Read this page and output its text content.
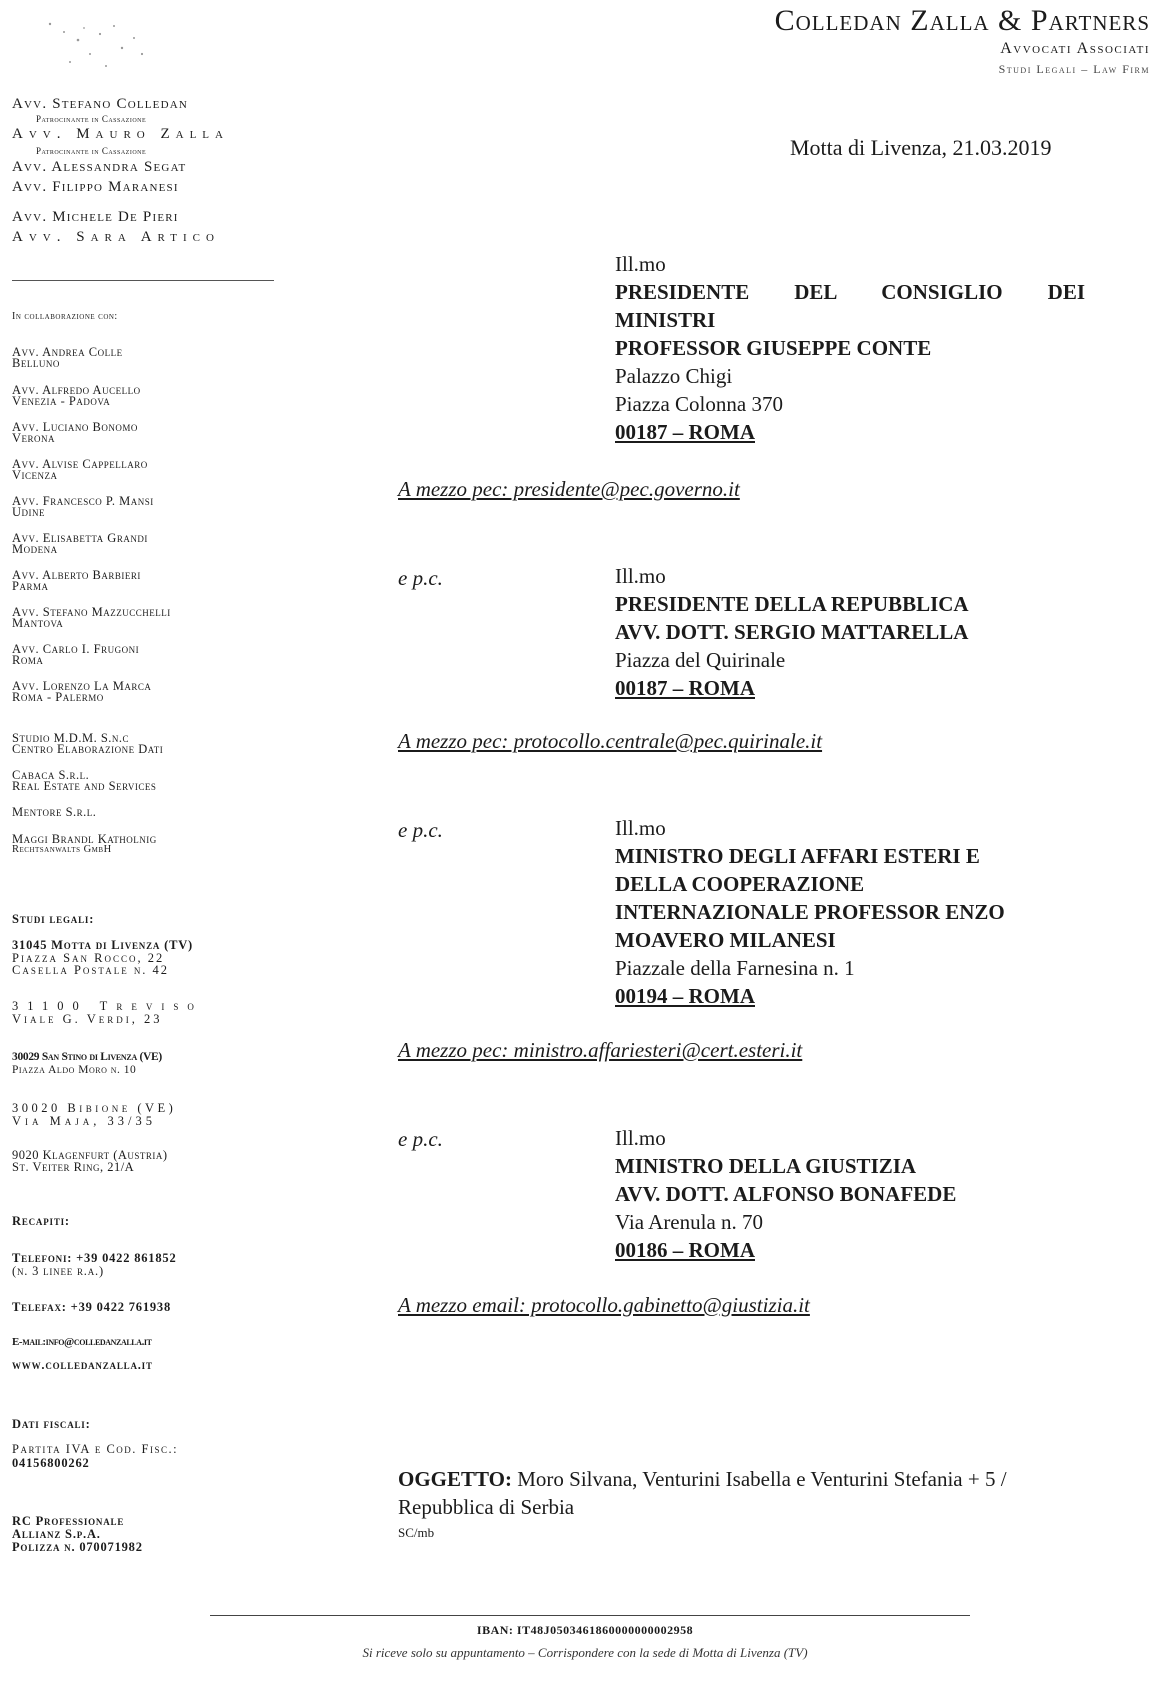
Colledan Zalla & Partners
Avvocati Associati
Studi Legali – Law Firm
Avv. Stefano Colledan
Patrocinante in Cassazione
Avv. Mauro Zalla
Patrocinante in Cassazione
Avv. Alessandra Segat
Avv. Filippo Maranesi
Avv. Michele De Pieri
Avv. Sara Artico
In collaborazione con:
Avv. Andrea Colle
Belluno
Avv. Alfredo Aucello
Venezia - Padova
Avv. Luciano Bonomo
Verona
Avv. Alvise Cappellaro
Vicenza
Avv. Francesco P. Mansi
Udine
Avv. Elisabetta Grandi
Modena
Avv. Alberto Barbieri
Parma
Avv. Stefano Mazzucchelli
Mantova
Avv. Carlo I. Frugoni
Roma
Avv. Lorenzo La Marca
Roma - Palermo
Studio M.D.M. S.n.c
Centro Elaborazione Dati
Cabaca S.r.l.
Real Estate and Services
Mentore S.r.l.
Maggi Brandl Katholnig
Rechtsanwalts GmbH
Studi legali:
31045 Motta di Livenza (TV)
Piazza San Rocco, 22
Casella Postale n. 42
31100 Treviso
Viale G. Verdi, 23
30029 San Stino di Livenza (VE)
Piazza Aldo Moro n. 10
30020 Bibione (VE)
Via Maja, 33/35
9020 Klagenfurt (Austria)
St. Veiter Ring, 21/A
Recapiti:
Telefoni: +39 0422 861852
(n. 3 linee r.a.)
Telefax: +39 0422 761938
E-mail:info@colledanzalla.it
www.colledanzalla.it
Dati fiscali:
Partita IVA e Cod. Fisc.:
04156800262
RC Professionale
Allianz S.p.A.
Polizza n. 070071982
Motta di Livenza, 21.03.2019
Ill.mo
PRESIDENTE DEL CONSIGLIO DEI
MINISTRI
PROFESSOR GIUSEPPE CONTE
Palazzo Chigi
Piazza Colonna 370
00187 – ROMA
A mezzo pec: presidente@pec.governo.it
e p.c.	Ill.mo
PRESIDENTE DELLA REPUBBLICA
AVV. DOTT. SERGIO MATTARELLA
Piazza del Quirinale
00187 – ROMA
A mezzo pec: protocollo.centrale@pec.quirinale.it
e p.c.	Ill.mo
MINISTRO DEGLI AFFARI ESTERI E
DELLA COOPERAZIONE
INTERNAZIONALE PROFESSOR ENZO
MOAVERO MILANESI
Piazzale della Farnesina n. 1
00194 – ROMA
A mezzo pec: ministro.affariesteri@cert.esteri.it
e p.c.	Ill.mo
MINISTRO DELLA GIUSTIZIA
AVV. DOTT. ALFONSO BONAFEDE
Via Arenula n. 70
00186 – ROMA
A mezzo email: protocollo.gabinetto@giustizia.it
OGGETTO: Moro Silvana, Venturini Isabella e Venturini Stefania + 5 / Repubblica di Serbia
SC/mb
IBAN: IT48J0503461860000000002958
Si riceve solo su appuntamento – Corrispondere con la sede di Motta di Livenza (TV)
